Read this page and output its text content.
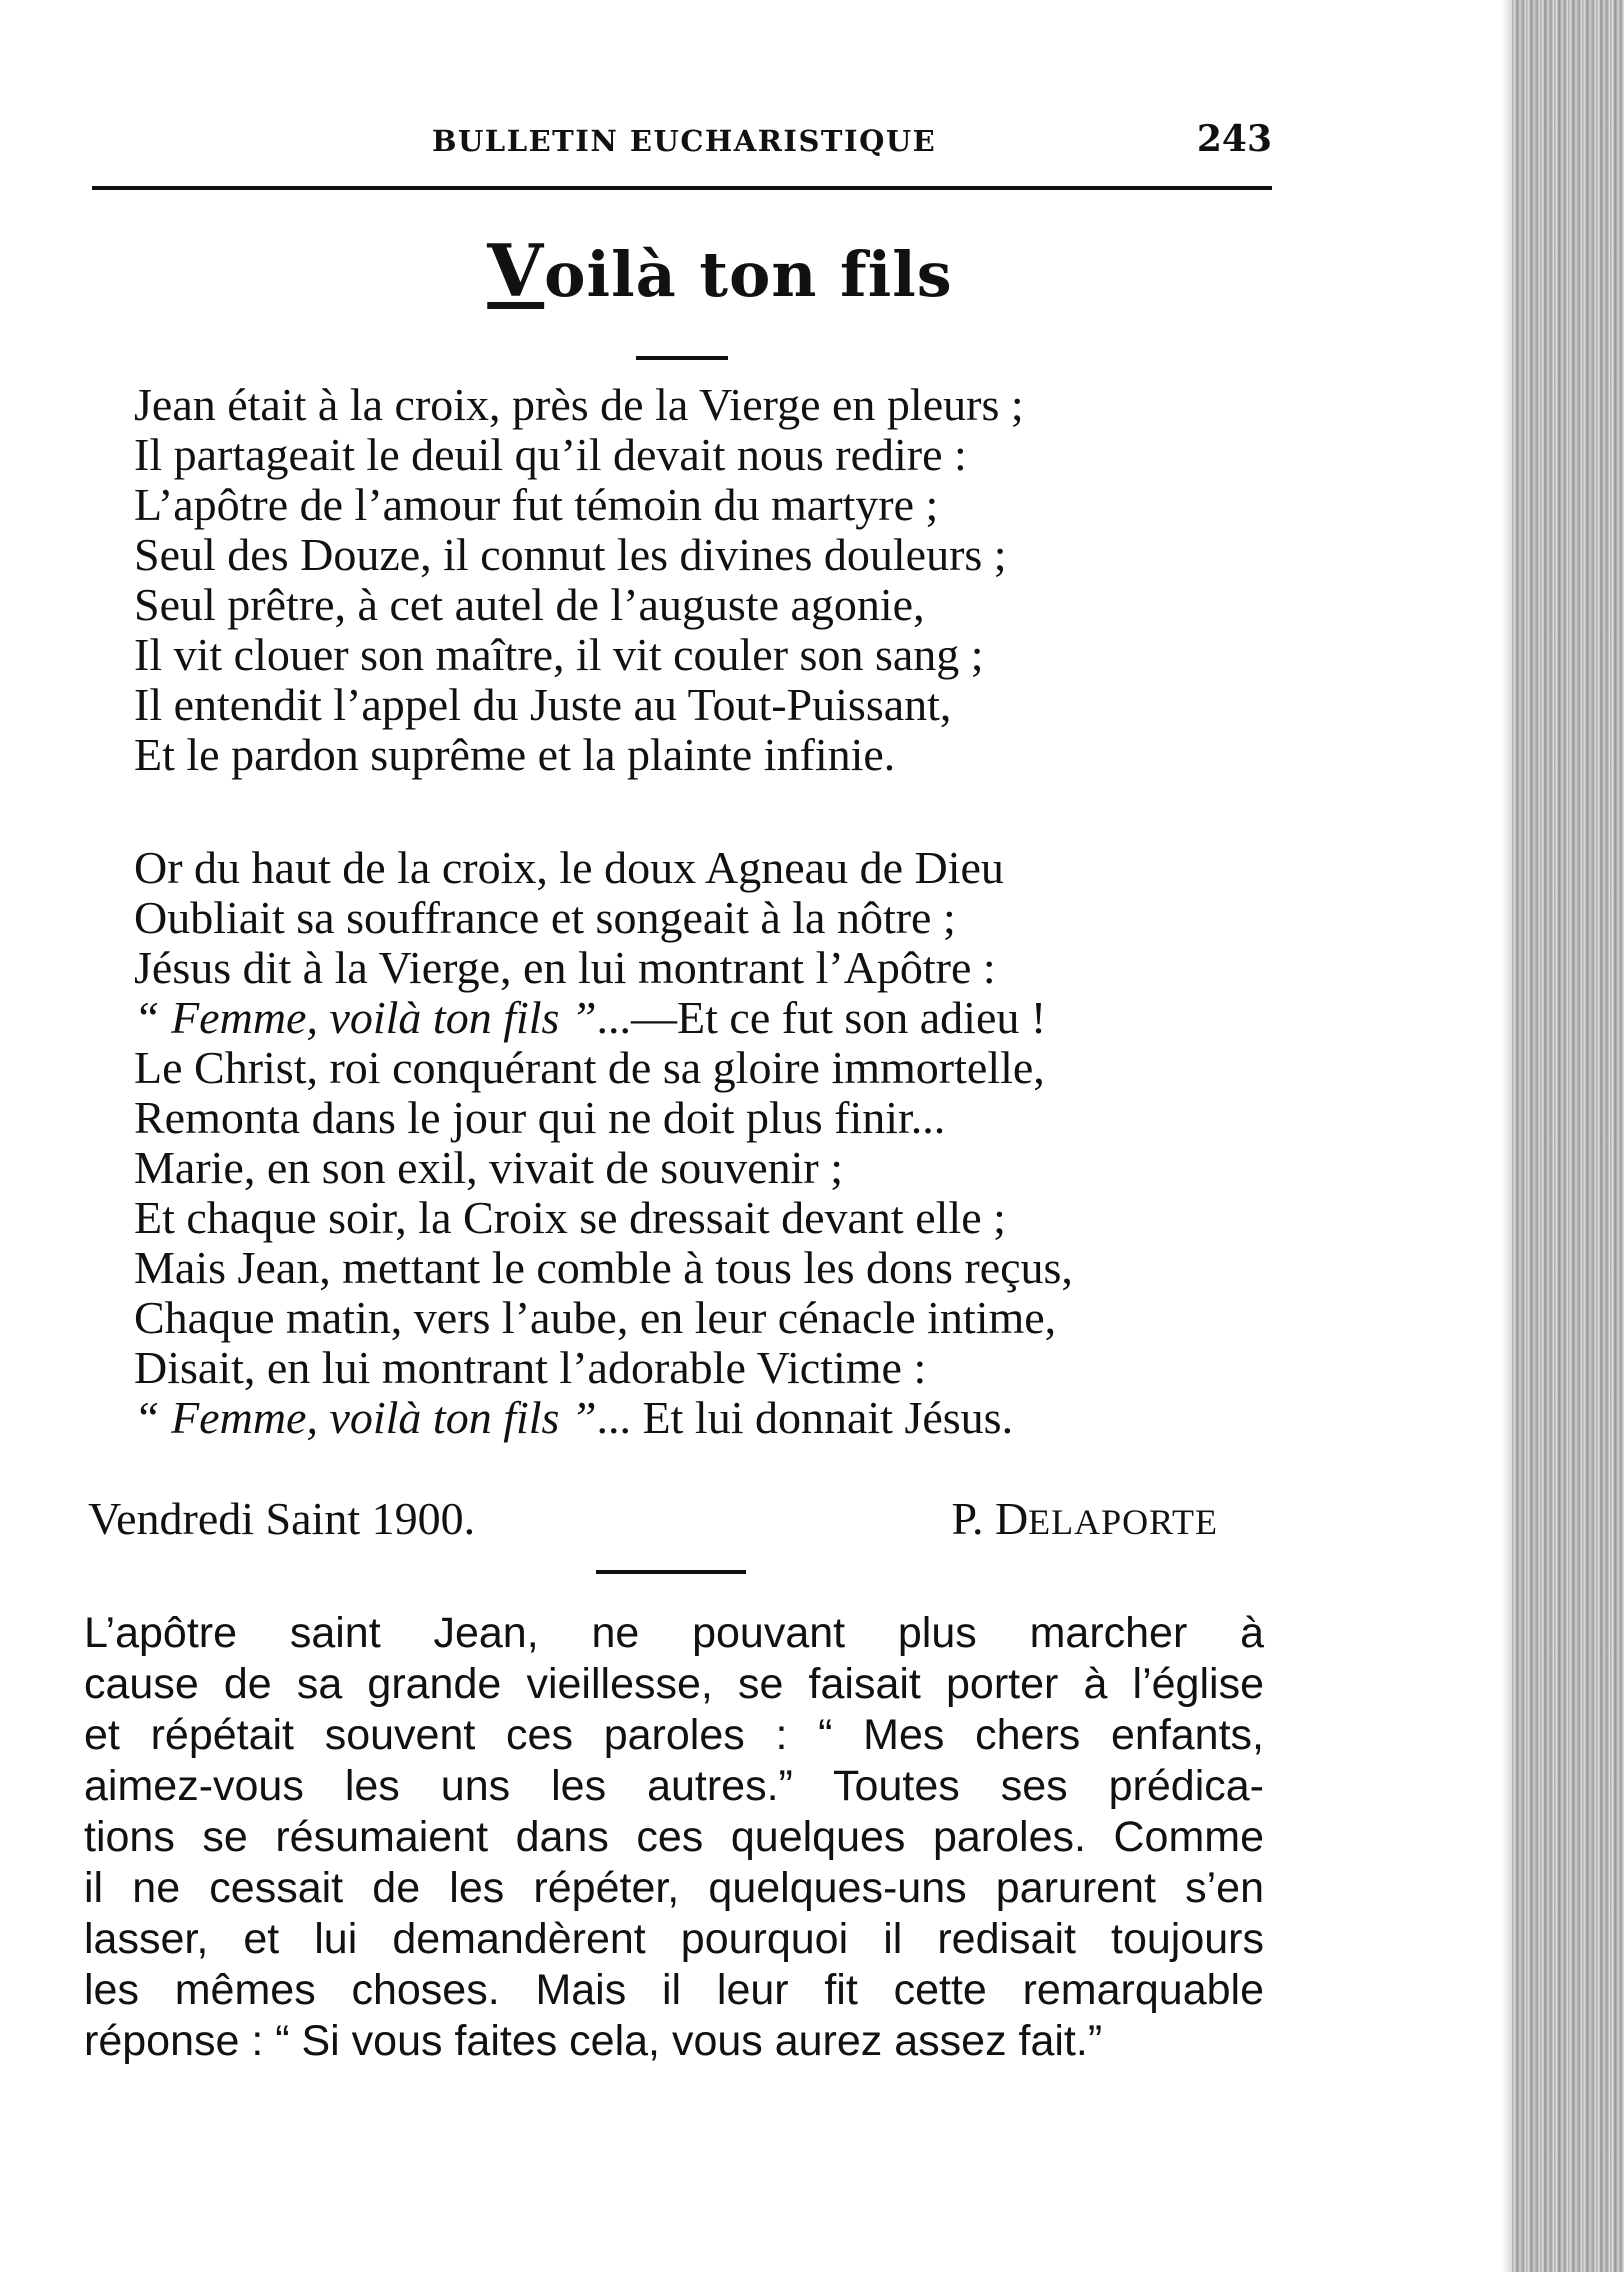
BULLETIN EUCHARISTIQUE	243
Voilà ton fils
Jean était à la croix, près de la Vierge en pleurs ;
Il partageait le deuil qu’il devait nous redire :
L’apôtre de l’amour fut témoin du martyre ;
Seul des Douze, il connut les divines douleurs ;
Seul prêtre, à cet autel de l’auguste agonie,
Il vit clouer son maître, il vit couler son sang ;
Il entendit l’appel du Juste au Tout-Puissant,
Et le pardon suprême et la plainte infinie.
Or du haut de la croix, le doux Agneau de Dieu
Oubliait sa souffrance et songeait à la nôtre ;
Jésus dit à la Vierge, en lui montrant l’Apôtre :
“ Femme, voilà ton fils ”...—Et ce fut son adieu !
Le Christ, roi conquérant de sa gloire immortelle,
Remonta dans le jour qui ne doit plus finir...
Marie, en son exil, vivait de souvenir ;
Et chaque soir, la Croix se dressait devant elle ;
Mais Jean, mettant le comble à tous les dons reçus,
Chaque matin, vers l’aube, en leur cénacle intime,
Disait, en lui montrant l’adorable Victime :
“ Femme, voilà ton fils ”... Et lui donnait Jésus.
Vendredi Saint 1900.	P. DELAPORTE
L’apôtre saint Jean, ne pouvant plus marcher à
cause de sa grande vieillesse, se faisait porter à l’église
et répétait souvent ces paroles : “ Mes chers enfants,
aimez-vous les uns les autres.” Toutes ses prédica-
tions se résumaient dans ces quelques paroles. Comme
il ne cessait de les répéter, quelques-uns parurent s’en
lasser, et lui demandèrent pourquoi il redisait toujours
les mêmes choses. Mais il leur fit cette remarquable
réponse : “ Si vous faites cela, vous aurez assez fait.”
